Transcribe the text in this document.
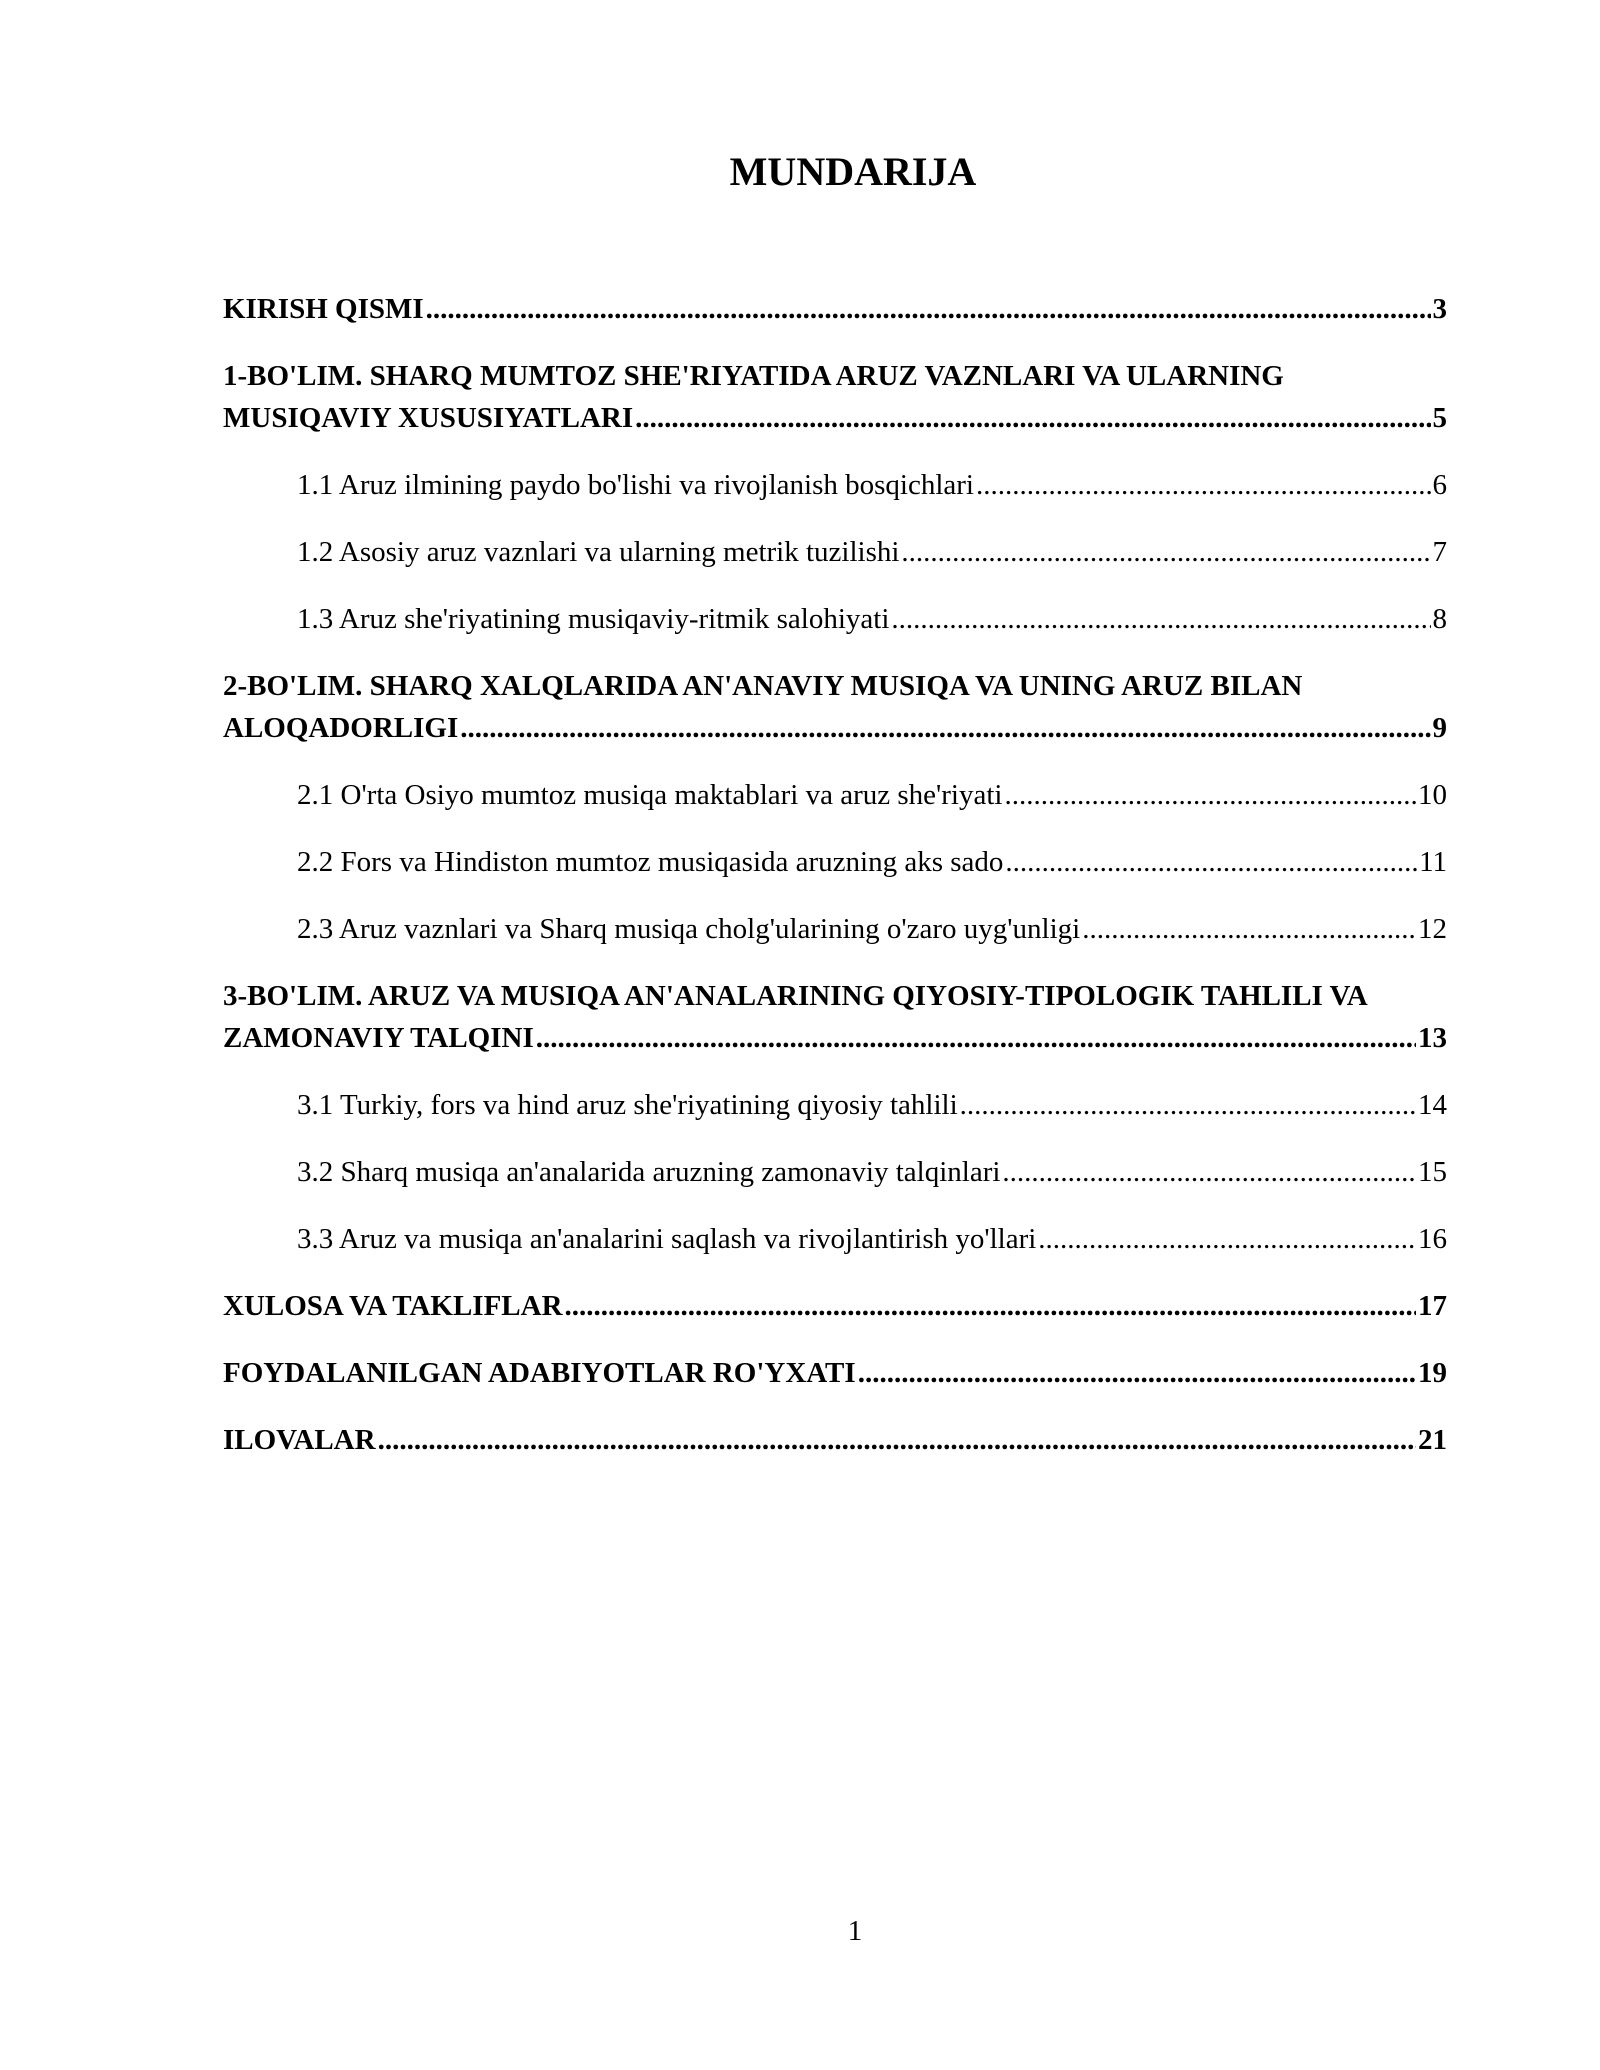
MUNDARIJA
KIRISH QISMI .....	3
1-BO'LIM. SHARQ MUMTOZ SHE'RIYATIDA ARUZ VAZNLARI VA ULARNING
MUSIQAVIY XUSUSIYATLARI .....	5
1.1 Aruz ilmining paydo bo'lishi va rivojlanish bosqichlari .....	6
1.2 Asosiy aruz vaznlari va ularning metrik tuzilishi .....	7
1.3 Aruz she'riyatining musiqaviy-ritmik salohiyati .....	8
2-BO'LIM. SHARQ XALQLARIDA AN'ANAVIY MUSIQA VA UNING ARUZ BILAN
ALOQADORLIGI .....	9
2.1 O'rta Osiyo mumtoz musiqa maktablari va aruz she'riyati .....	10
2.2 Fors va Hindiston mumtoz musiqasida aruzning aks sado .....	11
2.3 Aruz vaznlari va Sharq musiqa cholg'ularining o'zaro uyg'unligi .....	12
3-BO'LIM. ARUZ VA MUSIQA AN'ANALARINING QIYOSIY-TIPOLOGIK TAHLILI VA
ZAMONAVIY TALQINI .....	13
3.1 Turkiy, fors va hind aruz she'riyatining qiyosiy tahlili .....	14
3.2 Sharq musiqa an'analarida aruzning zamonaviy talqinlari .....	15
3.3 Aruz va musiqa an'analarini saqlash va rivojlantirish yo'llari .....	16
XULOSA VA TAKLIFLAR .....	17
FOYDALANILGAN ADABIYOTLAR RO'YXATI .....	19
ILOVALAR .....	21
1
